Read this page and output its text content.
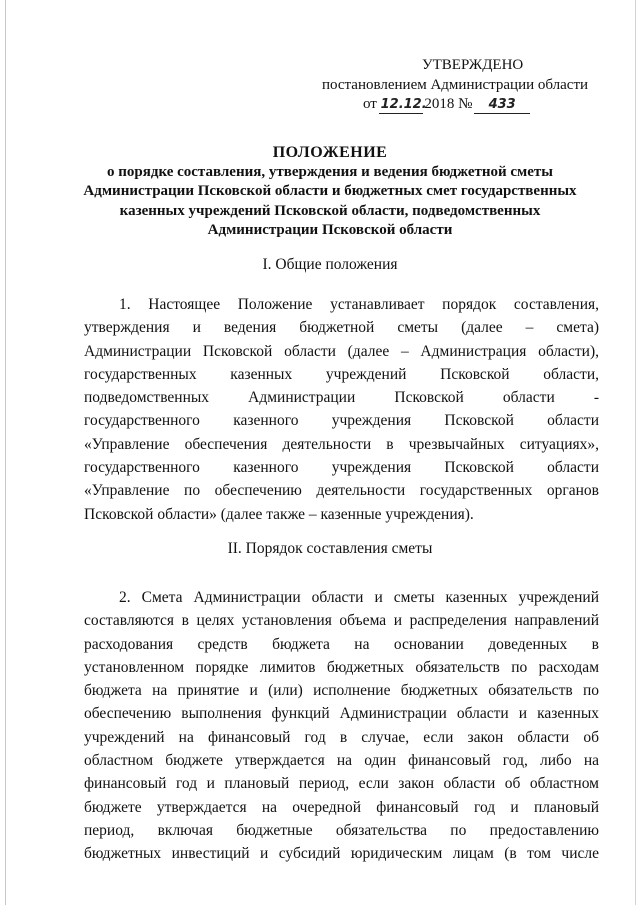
УТВЕРЖДЕНО
постановлением Администрации области
от 12.12. 2018 № 433
ПОЛОЖЕНИЕ
о порядке составления, утверждения и ведения бюджетной сметы
Администрации Псковской области и бюджетных смет государственных
казенных учреждений Псковской области, подведомственных
Администрации Псковской области
I. Общие положения
1. Настоящее Положение устанавливает порядок составления,
утверждения и ведения бюджетной сметы (далее – смета)
Администрации Псковской области (далее – Администрация области),
государственных казенных учреждений Псковской области,
подведомственных Администрации Псковской области -
государственного казенного учреждения Псковской области
«Управление обеспечения деятельности в чрезвычайных ситуациях»,
государственного казенного учреждения Псковской области
«Управление по обеспечению деятельности государственных органов
Псковской области» (далее также – казенные учреждения).
II. Порядок составления сметы
2. Смета Администрации области и сметы казенных учреждений
составляются в целях установления объема и распределения направлений
расходования средств бюджета на основании доведенных в
установленном порядке лимитов бюджетных обязательств по расходам
бюджета на принятие и (или) исполнение бюджетных обязательств по
обеспечению выполнения функций Администрации области и казенных
учреждений на финансовый год в случае, если закон области об
областном бюджете утверждается на один финансовый год, либо на
финансовый год и плановый период, если закон области об областном
бюджете утверждается на очередной финансовый год и плановый
период, включая бюджетные обязательства по предоставлению
бюджетных инвестиций и субсидий юридическим лицам (в том числе
